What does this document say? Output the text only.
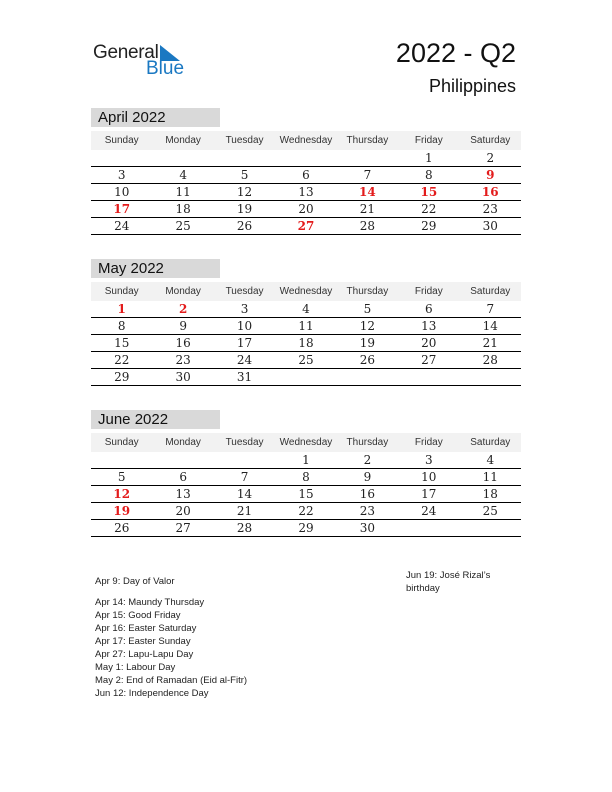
General
Blue
2022 - Q2
Philippines
April 2022
Sunday	Monday	Tuesday	Wednesday	Thursday	Friday	Saturday
					1	2
3	4	5	6	7	8	9
10	11	12	13	14	15	16
17	18	19	20	21	22	23
24	25	26	27	28	29	30
May 2022
Sunday	Monday	Tuesday	Wednesday	Thursday	Friday	Saturday
1	2	3	4	5	6	7
8	9	10	11	12	13	14
15	16	17	18	19	20	21
22	23	24	25	26	27	28
29	30	31				
June 2022
Sunday	Monday	Tuesday	Wednesday	Thursday	Friday	Saturday
			1	2	3	4
5	6	7	8	9	10	11
12	13	14	15	16	17	18
19	20	21	22	23	24	25
26	27	28	29	30		
Apr 9: Day of Valor
Apr 14: Maundy Thursday
Apr 15: Good Friday
Apr 16: Easter Saturday
Apr 17: Easter Sunday
Apr 27: Lapu-Lapu Day
May 1: Labour Day
May 2: End of Ramadan (Eid al-Fitr)
Jun 12: Independence Day
Jun 19: José Rizal’s birthday
